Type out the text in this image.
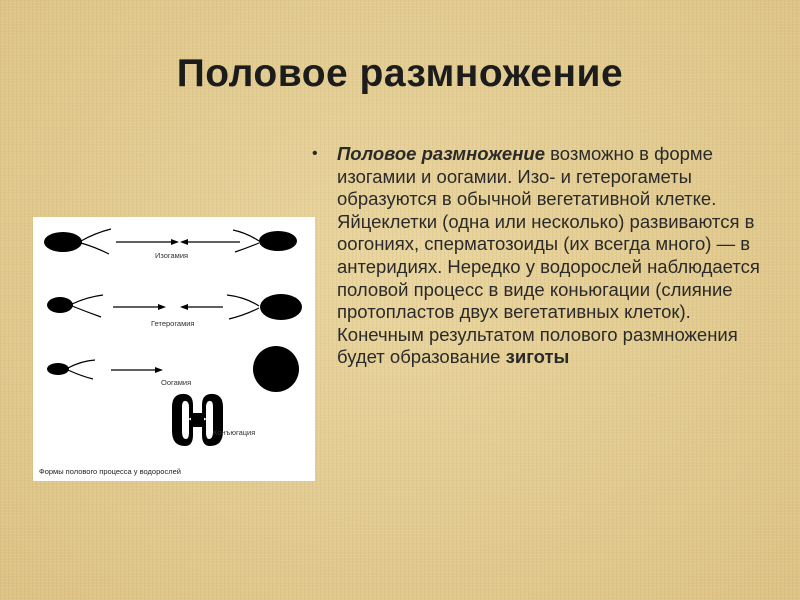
Половое размножение
Изогамия
Гетерогамия
Оогамия
Конъюгация
Формы полового процесса у водорослей
• Половое размножение возможно в форме изогамии и оогамии. Изо- и гетерогаметы образуются в обычной вегетативной клетке. Яйцеклетки (одна или несколько) развиваются в оогониях, сперматозоиды (их всегда много) — в антеридиях. Нередко у водорослей наблюдается половой процесс в виде коньюгации (слияние протопластов двух вегетативных клеток). Конечным результатом полового размножения будет образование зиготы
